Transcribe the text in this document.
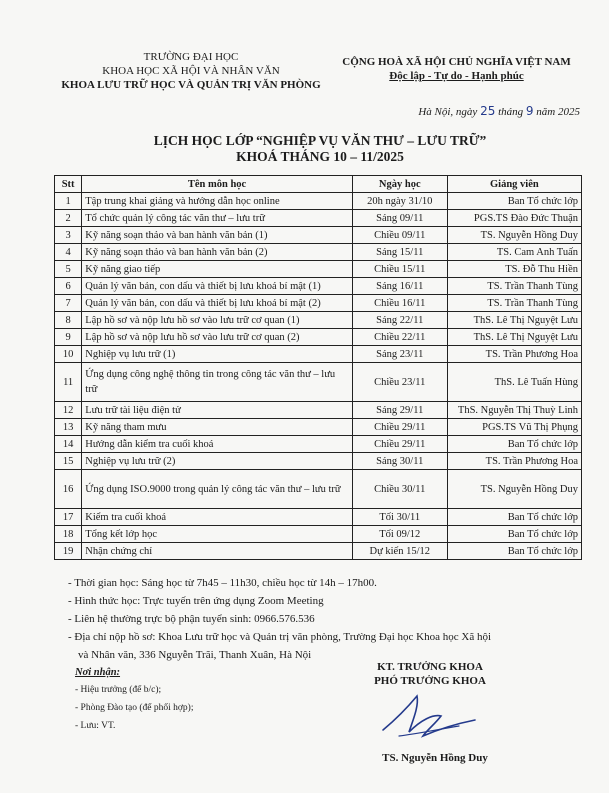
TRƯỜNG ĐẠI HỌC
KHOA HỌC XÃ HỘI VÀ NHÂN VĂN
KHOA LƯU TRỮ HỌC VÀ QUẢN TRỊ VĂN PHÒNG
CỘNG HOÀ XÃ HỘI CHỦ NGHĨA VIỆT NAM
Độc lập - Tự do - Hạnh phúc
Hà Nội, ngày 25 tháng 9 năm 2025
LỊCH HỌC LỚP “NGHIỆP VỤ VĂN THƯ – LƯU TRỮ”
KHOÁ THÁNG 10 – 11/2025
Stt	Tên môn học	Ngày học	Giảng viên
1	Tập trung khai giảng và hướng dẫn học online	20h ngày 31/10	Ban Tổ chức lớp
2	Tổ chức quản lý công tác văn thư – lưu trữ	Sáng 09/11	PGS.TS Đào Đức Thuận
3	Kỹ năng soạn thảo và ban hành văn bản (1)	Chiều 09/11	TS. Nguyễn Hồng Duy
4	Kỹ năng soạn thảo và ban hành văn bản (2)	Sáng 15/11	TS. Cam Anh Tuấn
5	Kỹ năng giao tiếp	Chiều 15/11	TS. Đỗ Thu Hiền
6	Quản lý văn bản, con dấu và thiết bị lưu khoá bí mật (1)	Sáng 16/11	TS. Trần Thanh Tùng
7	Quản lý văn bản, con dấu và thiết bị lưu khoá bí mật (2)	Chiều 16/11	TS. Trần Thanh Tùng
8	Lập hồ sơ và nộp lưu hồ sơ vào lưu trữ cơ quan (1)	Sáng 22/11	ThS. Lê Thị Nguyệt Lưu
9	Lập hồ sơ và nộp lưu hồ sơ vào lưu trữ cơ quan (2)	Chiều 22/11	ThS. Lê Thị Nguyệt Lưu
10	Nghiệp vụ lưu trữ (1)	Sáng 23/11	TS. Trần Phương Hoa
11	Ứng dụng công nghệ thông tin trong công tác văn thư – lưu trữ	Chiều 23/11	ThS. Lê Tuấn Hùng
12	Lưu trữ tài liệu điện tử	Sáng 29/11	ThS. Nguyễn Thị Thuỳ Linh
13	Kỹ năng tham mưu	Chiều 29/11	PGS.TS Vũ Thị Phụng
14	Hướng dẫn kiểm tra cuối khoá	Chiều 29/11	Ban Tổ chức lớp
15	Nghiệp vụ lưu trữ (2)	Sáng 30/11	TS. Trần Phương Hoa
16	Ứng dụng ISO.9000 trong quản lý công tác văn thư – lưu trữ	Chiều 30/11	TS. Nguyễn Hồng Duy
17	Kiểm tra cuối khoá	Tối 30/11	Ban Tổ chức lớp
18	Tổng kết lớp học	Tối 09/12	Ban Tổ chức lớp
19	Nhận chứng chỉ	Dự kiến 15/12	Ban Tổ chức lớp
- Thời gian học: Sáng học từ 7h45 – 11h30, chiều học từ 14h – 17h00.
- Hình thức học: Trực tuyến trên ứng dụng Zoom Meeting
- Liên hệ thường trực bộ phận tuyển sinh: 0966.576.536
- Địa chỉ nộp hồ sơ: Khoa Lưu trữ học và Quản trị văn phòng, Trường Đại học Khoa học Xã hội
và Nhân văn, 336 Nguyễn Trãi, Thanh Xuân, Hà Nội
Nơi nhận:
- Hiệu trưởng (để b/c);
- Phòng Đào tạo (để phối hợp);
- Lưu: VT.
KT. TRƯỞNG KHOA
PHÓ TRƯỞNG KHOA
TS. Nguyễn Hồng Duy
